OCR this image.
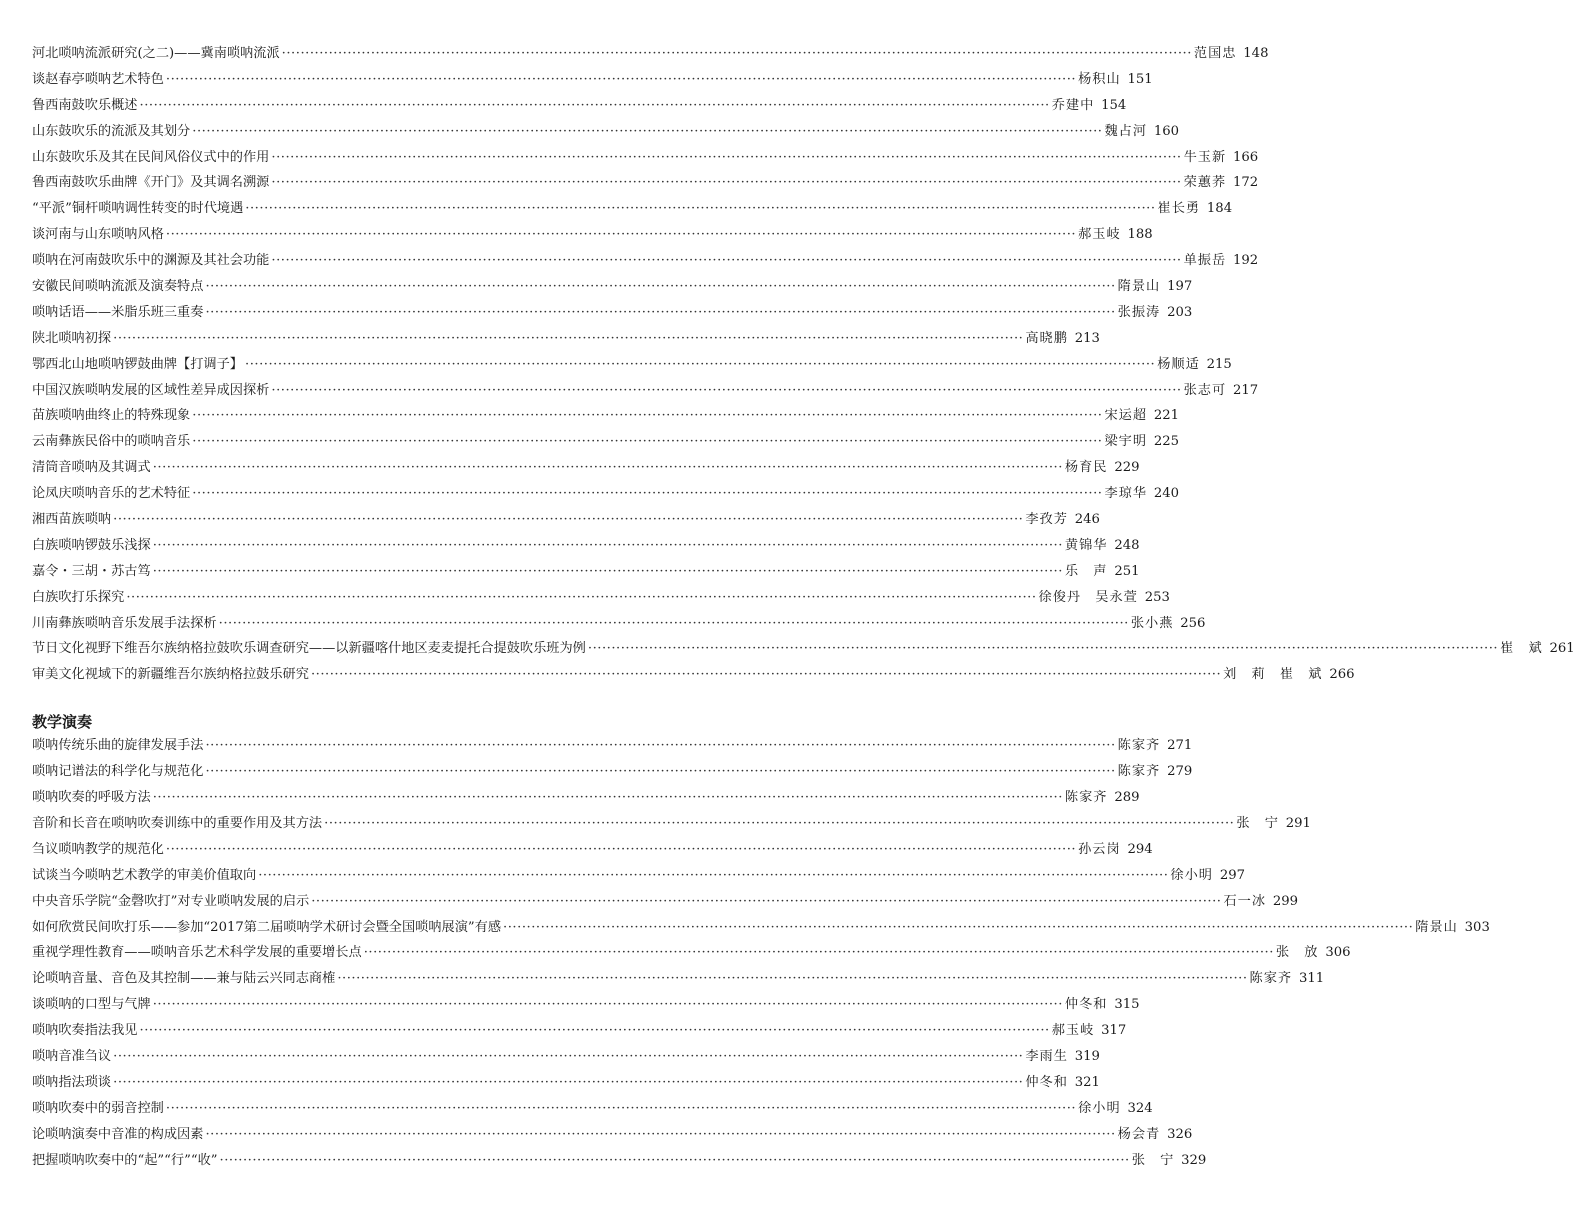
河北唢呐流派研究(之二)——冀南唢呐流派 ·····	范国忠 148
谈赵春亭唢呐艺术特色 ·····	杨积山 151
鲁西南鼓吹乐概述 ·····	乔建中 154
山东鼓吹乐的流派及其划分 ·····	魏占河 160
山东鼓吹乐及其在民间风俗仪式中的作用 ·····	牛玉新 166
鲁西南鼓吹乐曲牌《开门》及其调名溯源 ·····	荣蕙荞 172
“平派”铜杆唢呐调性转变的时代境遇 ·····	崔长勇 184
谈河南与山东唢呐风格 ·····	郝玉岐 188
唢呐在河南鼓吹乐中的渊源及其社会功能 ·····	单振岳 192
安徽民间唢呐流派及演奏特点 ·····	隋景山 197
唢呐话语——米脂乐班三重奏 ·····	张振涛 203
陕北唢呐初探 ·····	高晓鹏 213
鄂西北山地唢呐锣鼓曲牌【打调子】 ·····	杨顺适 215
中国汉族唢呐发展的区域性差异成因探析 ·····	张志可 217
苗族唢呐曲终止的特殊现象 ·····	宋运超 221
云南彝族民俗中的唢呐音乐 ·····	梁宇明 225
清筒音唢呐及其调式 ·····	杨育民 229
论凤庆唢呐音乐的艺术特征 ·····	李琼华 240
湘西苗族唢呐 ·····	李孜芳 246
白族唢呐锣鼓乐浅探 ·····	黄锦华 248
嘉令・三胡・苏古笃 ·····	乐　声 251
白族吹打乐探究 ·····	徐俊丹　吴永萱 253
川南彝族唢呐音乐发展手法探析 ·····	张小燕 256
节日文化视野下维吾尔族纳格拉鼓吹乐调查研究——以新疆喀什地区麦麦提托合提鼓吹乐班为例 ·····	崔　斌 261
审美文化视域下的新疆维吾尔族纳格拉鼓乐研究 ·····	刘　莉　崔　斌 266
教学演奏
唢呐传统乐曲的旋律发展手法 ·····	陈家齐 271
唢呐记谱法的科学化与规范化 ·····	陈家齐 279
唢呐吹奏的呼吸方法 ·····	陈家齐 289
音阶和长音在唢呐吹奏训练中的重要作用及其方法 ·····	张　宁 291
刍议唢呐教学的规范化 ·····	孙云岗 294
试谈当今唢呐艺术教学的审美价值取向 ·····	徐小明 297
中央音乐学院“金磬吹打”对专业唢呐发展的启示 ·····	石一冰 299
如何欣赏民间吹打乐——参加“2017第二届唢呐学术研讨会暨全国唢呐展演”有感 ·····	隋景山 303
重视学理性教育——唢呐音乐艺术科学发展的重要增长点 ·····	张　放 306
论唢呐音量、音色及其控制——兼与陆云兴同志商榷 ·····	陈家齐 311
谈唢呐的口型与气牌 ·····	仲冬和 315
唢呐吹奏指法我见 ·····	郝玉岐 317
唢呐音准刍议 ·····	李雨生 319
唢呐指法琐谈 ·····	仲冬和 321
唢呐吹奏中的弱音控制 ·····	徐小明 324
论唢呐演奏中音准的构成因素 ·····	杨会青 326
把握唢呐吹奏中的“起”“行”“收” ·····	张　宁 329
